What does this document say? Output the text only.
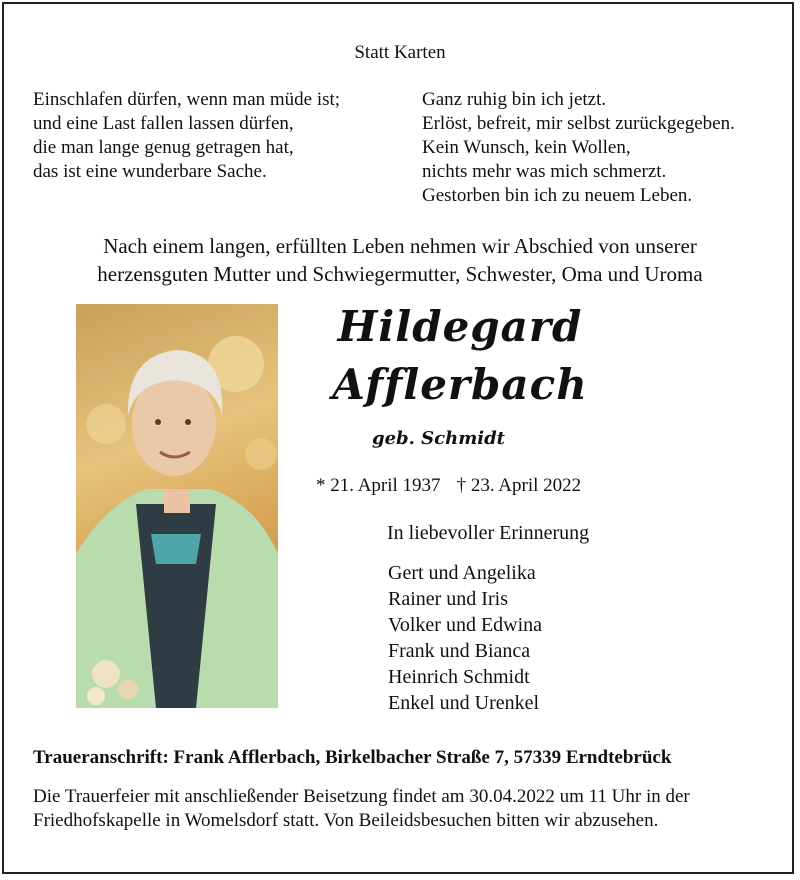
Statt Karten
Einschlafen dürfen, wenn man müde ist;
und eine Last fallen lassen dürfen,
die man lange genug getragen hat,
das ist eine wunderbare Sache.
Ganz ruhig bin ich jetzt.
Erlöst, befreit, mir selbst zurückgegeben.
Kein Wunsch, kein Wollen,
nichts mehr was mich schmerzt.
Gestorben bin ich zu neuem Leben.
Nach einem langen, erfüllten Leben nehmen wir Abschied von unserer
herzensguten Mutter und Schwiegermutter, Schwester, Oma und Uroma
Hildegard
Afflerbach
geb. Schmidt
* 21. April 1937 † 23. April 2022
In liebevoller Erinnerung
Gert und Angelika
Rainer und Iris
Volker und Edwina
Frank und Bianca
Heinrich Schmidt
Enkel und Urenkel
Traueranschrift: Frank Afflerbach, Birkelbacher Straße 7, 57339 Erndtebrück
Die Trauerfeier mit anschließender Beisetzung findet am 30.04.2022 um 11 Uhr in der
Friedhofskapelle in Womelsdorf statt. Von Beileidsbesuchen bitten wir abzusehen.
